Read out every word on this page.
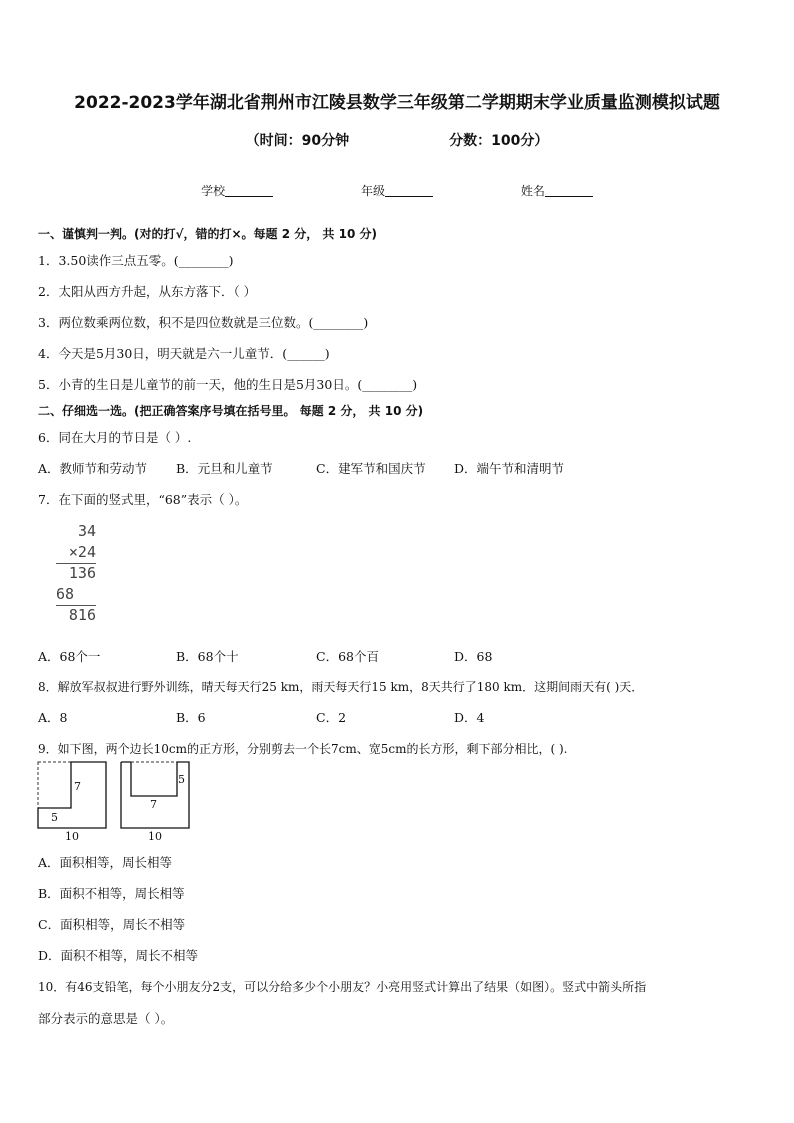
2022-2023学年湖北省荆州市江陵县数学三年级第二学期期末学业质量监测模拟试题
（时间：90分钟	分数：100分）
学校	年级	姓名
一、谨慎判一判。(对的打√，错的打×。每题 2 分， 共 10 分)
1．3.50读作三点五零。(________)
2．太阳从西方升起，从东方落下．（ ）
3．两位数乘两位数，积不是四位数就是三位数。(________)
4．今天是5月30日，明天就是六一儿童节．(______)
5．小青的生日是儿童节的前一天，他的生日是5月30日。(________)
二、仔细选一选。(把正确答案序号填在括号里。 每题 2 分， 共 10 分)
6．同在大月的节日是（ ）.
A．教师节和劳动节 B．元旦和儿童节	C．建军节和国庆节 D．端午节和清明节
7．在下面的竖式里，“68”表示（ ）。
34
×24
136
68
816
A．68个一	B．68个十	C．68个百	D．68
8．解放军叔叔进行野外训练，晴天每天行25 km，雨天每天行15 km，8天共行了180 km．这期间雨天有( )天．
A．8	B．6	C．2	D．4
9．如下图，两个边长10cm的正方形，分别剪去一个长7cm、宽5cm的长方形，剩下部分相比，( ).
7
5
10
5
7
10
A．面积相等，周长相等
B．面积不相等，周长相等
C．面积相等，周长不相等
D．面积不相等，周长不相等
10．有46支铅笔，每个小朋友分2支，可以分给多少个小朋友？小亮用竖式计算出了结果（如图）。竖式中箭头所指
部分表示的意思是（ ）。
